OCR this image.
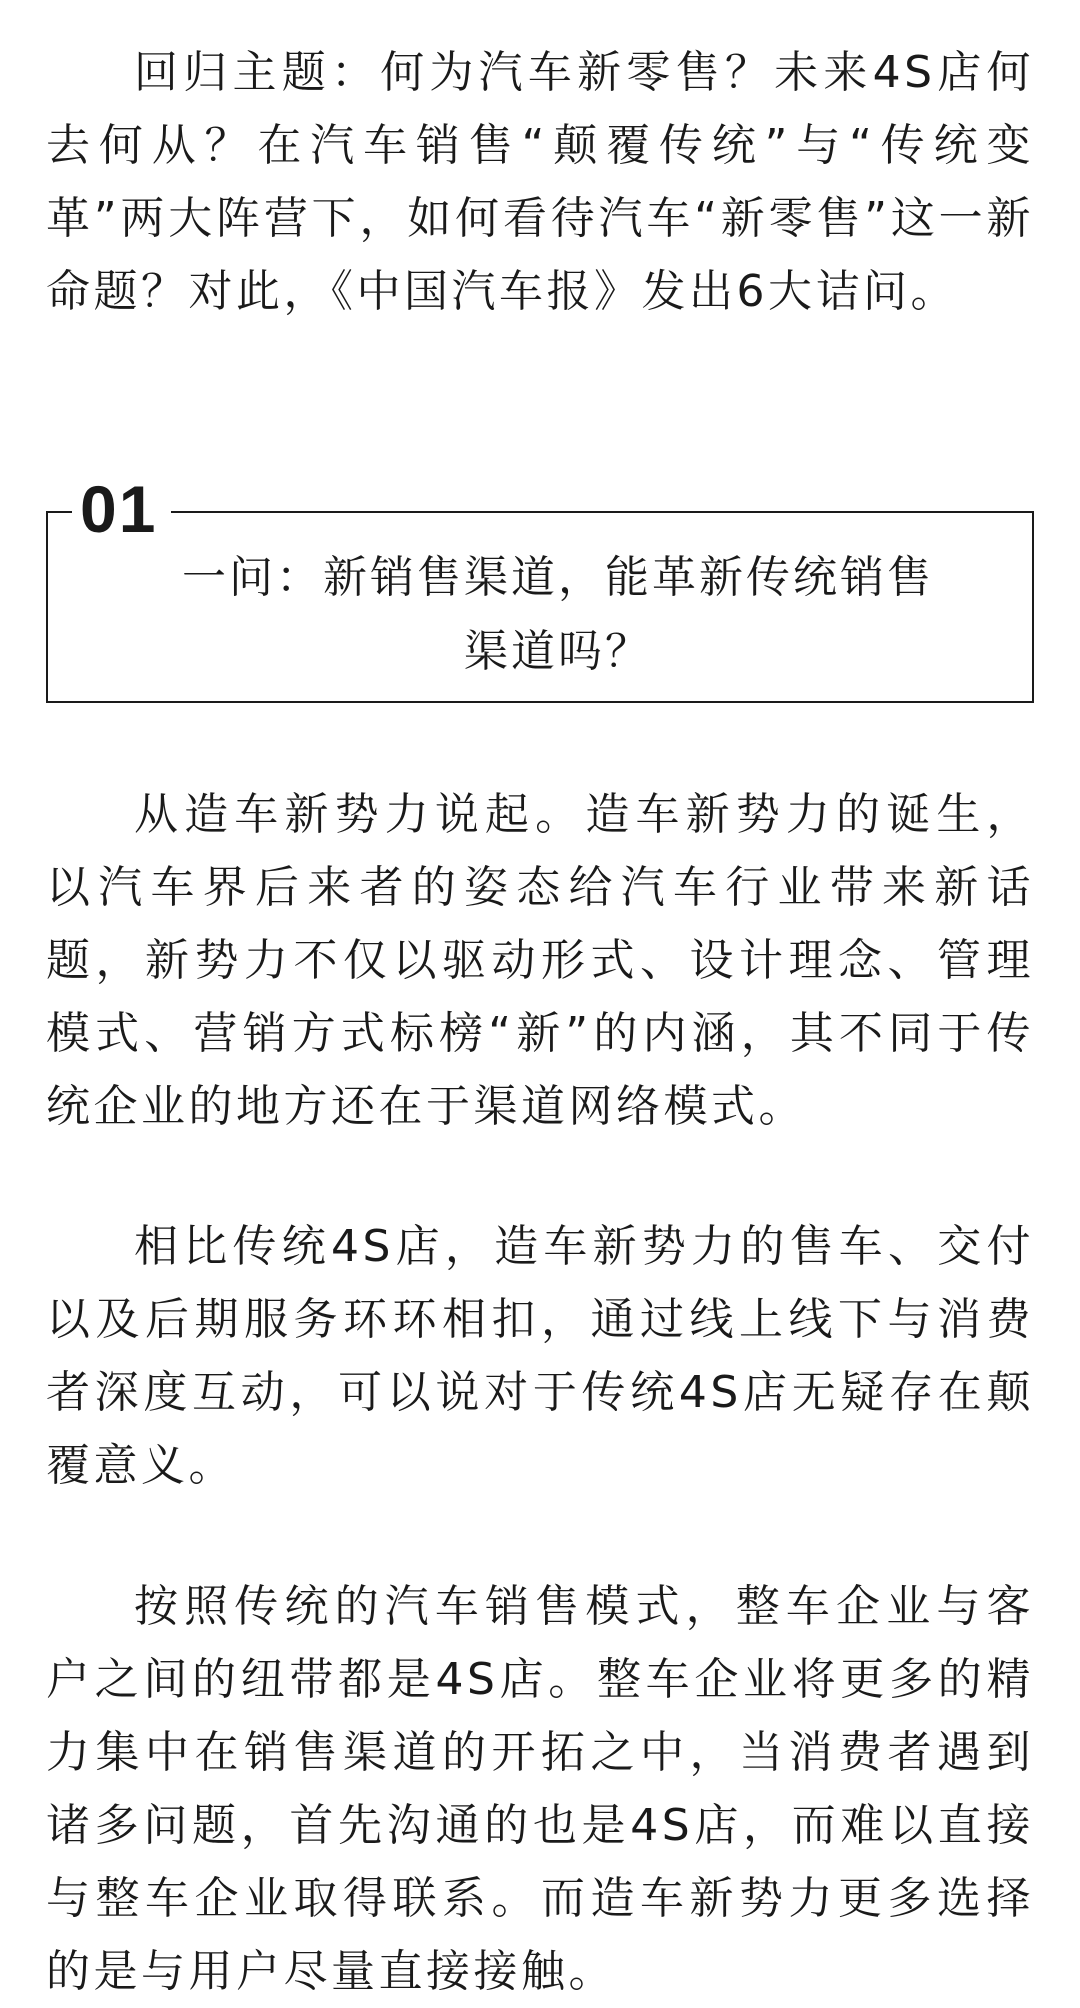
回归主题：何为汽车新零售？未来4S店何去何从？在汽车销售“颠覆传统”与“传统变革”两大阵营下，如何看待汽车“新零售”这一新命题？对此，《中国汽车报》发出6大诘问。

01

一问：新销售渠道，能革新传统销售渠道吗？

从造车新势力说起。造车新势力的诞生，以汽车界后来者的姿态给汽车行业带来新话题，新势力不仅以驱动形式、设计理念、管理模式、营销方式标榜“新”的内涵，其不同于传统企业的地方还在于渠道网络模式。

相比传统4S店，造车新势力的售车、交付以及后期服务环环相扣，通过线上线下与消费者深度互动，可以说对于传统4S店无疑存在颠覆意义。

按照传统的汽车销售模式，整车企业与客户之间的纽带都是4S店。整车企业将更多的精力集中在销售渠道的开拓之中，当消费者遇到诸多问题，首先沟通的也是4S店，而难以直接与整车企业取得联系。而造车新势力更多选择的是与用户尽量直接接触。
